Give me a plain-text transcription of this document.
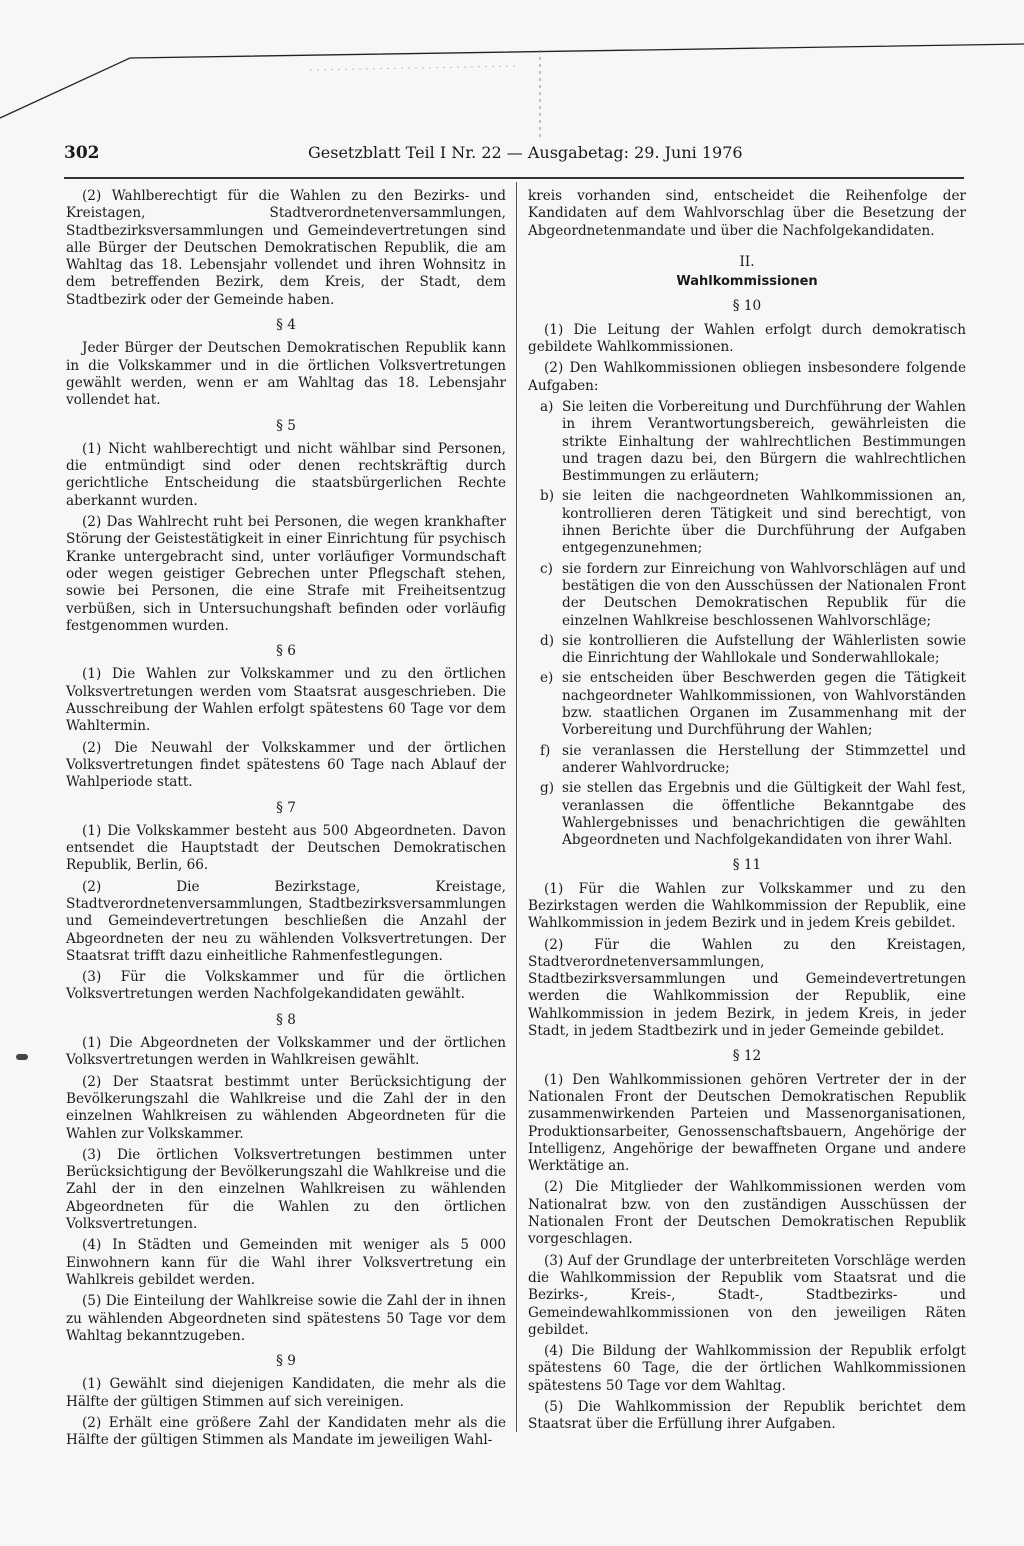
302	Gesetzblatt Teil I Nr. 22 — Ausgabetag: 29. Juni 1976

(2) Wahlberechtigt für die Wahlen zu den Bezirks- und Kreistagen, Stadtverordnetenversammlungen, Stadtbezirksversammlungen und Gemeindevertretungen sind alle Bürger der Deutschen Demokratischen Republik, die am Wahltag das 18. Lebensjahr vollendet und ihren Wohnsitz in dem betreffenden Bezirk, dem Kreis, der Stadt, dem Stadtbezirk oder der Gemeinde haben.

§ 4

Jeder Bürger der Deutschen Demokratischen Republik kann in die Volkskammer und in die örtlichen Volksvertretungen gewählt werden, wenn er am Wahltag das 18. Lebensjahr vollendet hat.

§ 5

(1) Nicht wahlberechtigt und nicht wählbar sind Personen, die entmündigt sind oder denen rechtskräftig durch gerichtliche Entscheidung die staatsbürgerlichen Rechte aberkannt wurden.

(2) Das Wahlrecht ruht bei Personen, die wegen krankhafter Störung der Geistestätigkeit in einer Einrichtung für psychisch Kranke untergebracht sind, unter vorläufiger Vormundschaft oder wegen geistiger Gebrechen unter Pflegschaft stehen, sowie bei Personen, die eine Strafe mit Freiheitsentzug verbüßen, sich in Untersuchungshaft befinden oder vorläufig festgenommen wurden.

§ 6

(1) Die Wahlen zur Volkskammer und zu den örtlichen Volksvertretungen werden vom Staatsrat ausgeschrieben. Die Ausschreibung der Wahlen erfolgt spätestens 60 Tage vor dem Wahltermin.

(2) Die Neuwahl der Volkskammer und der örtlichen Volksvertretungen findet spätestens 60 Tage nach Ablauf der Wahlperiode statt.

§ 7

(1) Die Volkskammer besteht aus 500 Abgeordneten. Davon entsendet die Hauptstadt der Deutschen Demokratischen Republik, Berlin, 66.

(2) Die Bezirkstage, Kreistage, Stadtverordnetenversammlungen, Stadtbezirksversammlungen und Gemeindevertretungen beschließen die Anzahl der Abgeordneten der neu zu wählenden Volksvertretungen. Der Staatsrat trifft dazu einheitliche Rahmenfestlegungen.

(3) Für die Volkskammer und für die örtlichen Volksvertretungen werden Nachfolgekandidaten gewählt.

§ 8

(1) Die Abgeordneten der Volkskammer und der örtlichen Volksvertretungen werden in Wahlkreisen gewählt.

(2) Der Staatsrat bestimmt unter Berücksichtigung der Bevölkerungszahl die Wahlkreise und die Zahl der in den einzelnen Wahlkreisen zu wählenden Abgeordneten für die Wahlen zur Volkskammer.

(3) Die örtlichen Volksvertretungen bestimmen unter Berücksichtigung der Bevölkerungszahl die Wahlkreise und die Zahl der in den einzelnen Wahlkreisen zu wählenden Abgeordneten für die Wahlen zu den örtlichen Volksvertretungen.

(4) In Städten und Gemeinden mit weniger als 5 000 Einwohnern kann für die Wahl ihrer Volksvertretung ein Wahlkreis gebildet werden.

(5) Die Einteilung der Wahlkreise sowie die Zahl der in ihnen zu wählenden Abgeordneten sind spätestens 50 Tage vor dem Wahltag bekanntzugeben.

§ 9

(1) Gewählt sind diejenigen Kandidaten, die mehr als die Hälfte der gültigen Stimmen auf sich vereinigen.

(2) Erhält eine größere Zahl der Kandidaten mehr als die Hälfte der gültigen Stimmen als Mandate im jeweiligen Wahl-

kreis vorhanden sind, entscheidet die Reihenfolge der Kandidaten auf dem Wahlvorschlag über die Besetzung der Abgeordnetenmandate und über die Nachfolgekandidaten.

II.

Wahlkommissionen

§ 10

(1) Die Leitung der Wahlen erfolgt durch demokratisch gebildete Wahlkommissionen.

(2) Den Wahlkommissionen obliegen insbesondere folgende Aufgaben:

a) Sie leiten die Vorbereitung und Durchführung der Wahlen in ihrem Verantwortungsbereich, gewährleisten die strikte Einhaltung der wahlrechtlichen Bestimmungen und tragen dazu bei, den Bürgern die wahlrechtlichen Bestimmungen zu erläutern;

b) sie leiten die nachgeordneten Wahlkommissionen an, kontrollieren deren Tätigkeit und sind berechtigt, von ihnen Berichte über die Durchführung der Aufgaben entgegenzunehmen;

c) sie fordern zur Einreichung von Wahlvorschlägen auf und bestätigen die von den Ausschüssen der Nationalen Front der Deutschen Demokratischen Republik für die einzelnen Wahlkreise beschlossenen Wahlvorschläge;

d) sie kontrollieren die Aufstellung der Wählerlisten sowie die Einrichtung der Wahllokale und Sonderwahllokale;

e) sie entscheiden über Beschwerden gegen die Tätigkeit nachgeordneter Wahlkommissionen, von Wahlvorständen bzw. staatlichen Organen im Zusammenhang mit der Vorbereitung und Durchführung der Wahlen;

f) sie veranlassen die Herstellung der Stimmzettel und anderer Wahlvordrucke;

g) sie stellen das Ergebnis und die Gültigkeit der Wahl fest, veranlassen die öffentliche Bekanntgabe des Wahlergebnisses und benachrichtigen die gewählten Abgeordneten und Nachfolgekandidaten von ihrer Wahl.

§ 11

(1) Für die Wahlen zur Volkskammer und zu den Bezirkstagen werden die Wahlkommission der Republik, eine Wahlkommission in jedem Bezirk und in jedem Kreis gebildet.

(2) Für die Wahlen zu den Kreistagen, Stadtverordnetenversammlungen, Stadtbezirksversammlungen und Gemeindevertretungen werden die Wahlkommission der Republik, eine Wahlkommission in jedem Bezirk, in jedem Kreis, in jeder Stadt, in jedem Stadtbezirk und in jeder Gemeinde gebildet.

§ 12

(1) Den Wahlkommissionen gehören Vertreter der in der Nationalen Front der Deutschen Demokratischen Republik zusammenwirkenden Parteien und Massenorganisationen, Produktionsarbeiter, Genossenschaftsbauern, Angehörige der Intelligenz, Angehörige der bewaffneten Organe und andere Werktätige an.

(2) Die Mitglieder der Wahlkommissionen werden vom Nationalrat bzw. von den zuständigen Ausschüssen der Nationalen Front der Deutschen Demokratischen Republik vorgeschlagen.

(3) Auf der Grundlage der unterbreiteten Vorschläge werden die Wahlkommission der Republik vom Staatsrat und die Bezirks-, Kreis-, Stadt-, Stadtbezirks- und Gemeindewahlkommissionen von den jeweiligen Räten gebildet.

(4) Die Bildung der Wahlkommission der Republik erfolgt spätestens 60 Tage, die der örtlichen Wahlkommissionen spätestens 50 Tage vor dem Wahltag.

(5) Die Wahlkommission der Republik berichtet dem Staatsrat über die Erfüllung ihrer Aufgaben.
